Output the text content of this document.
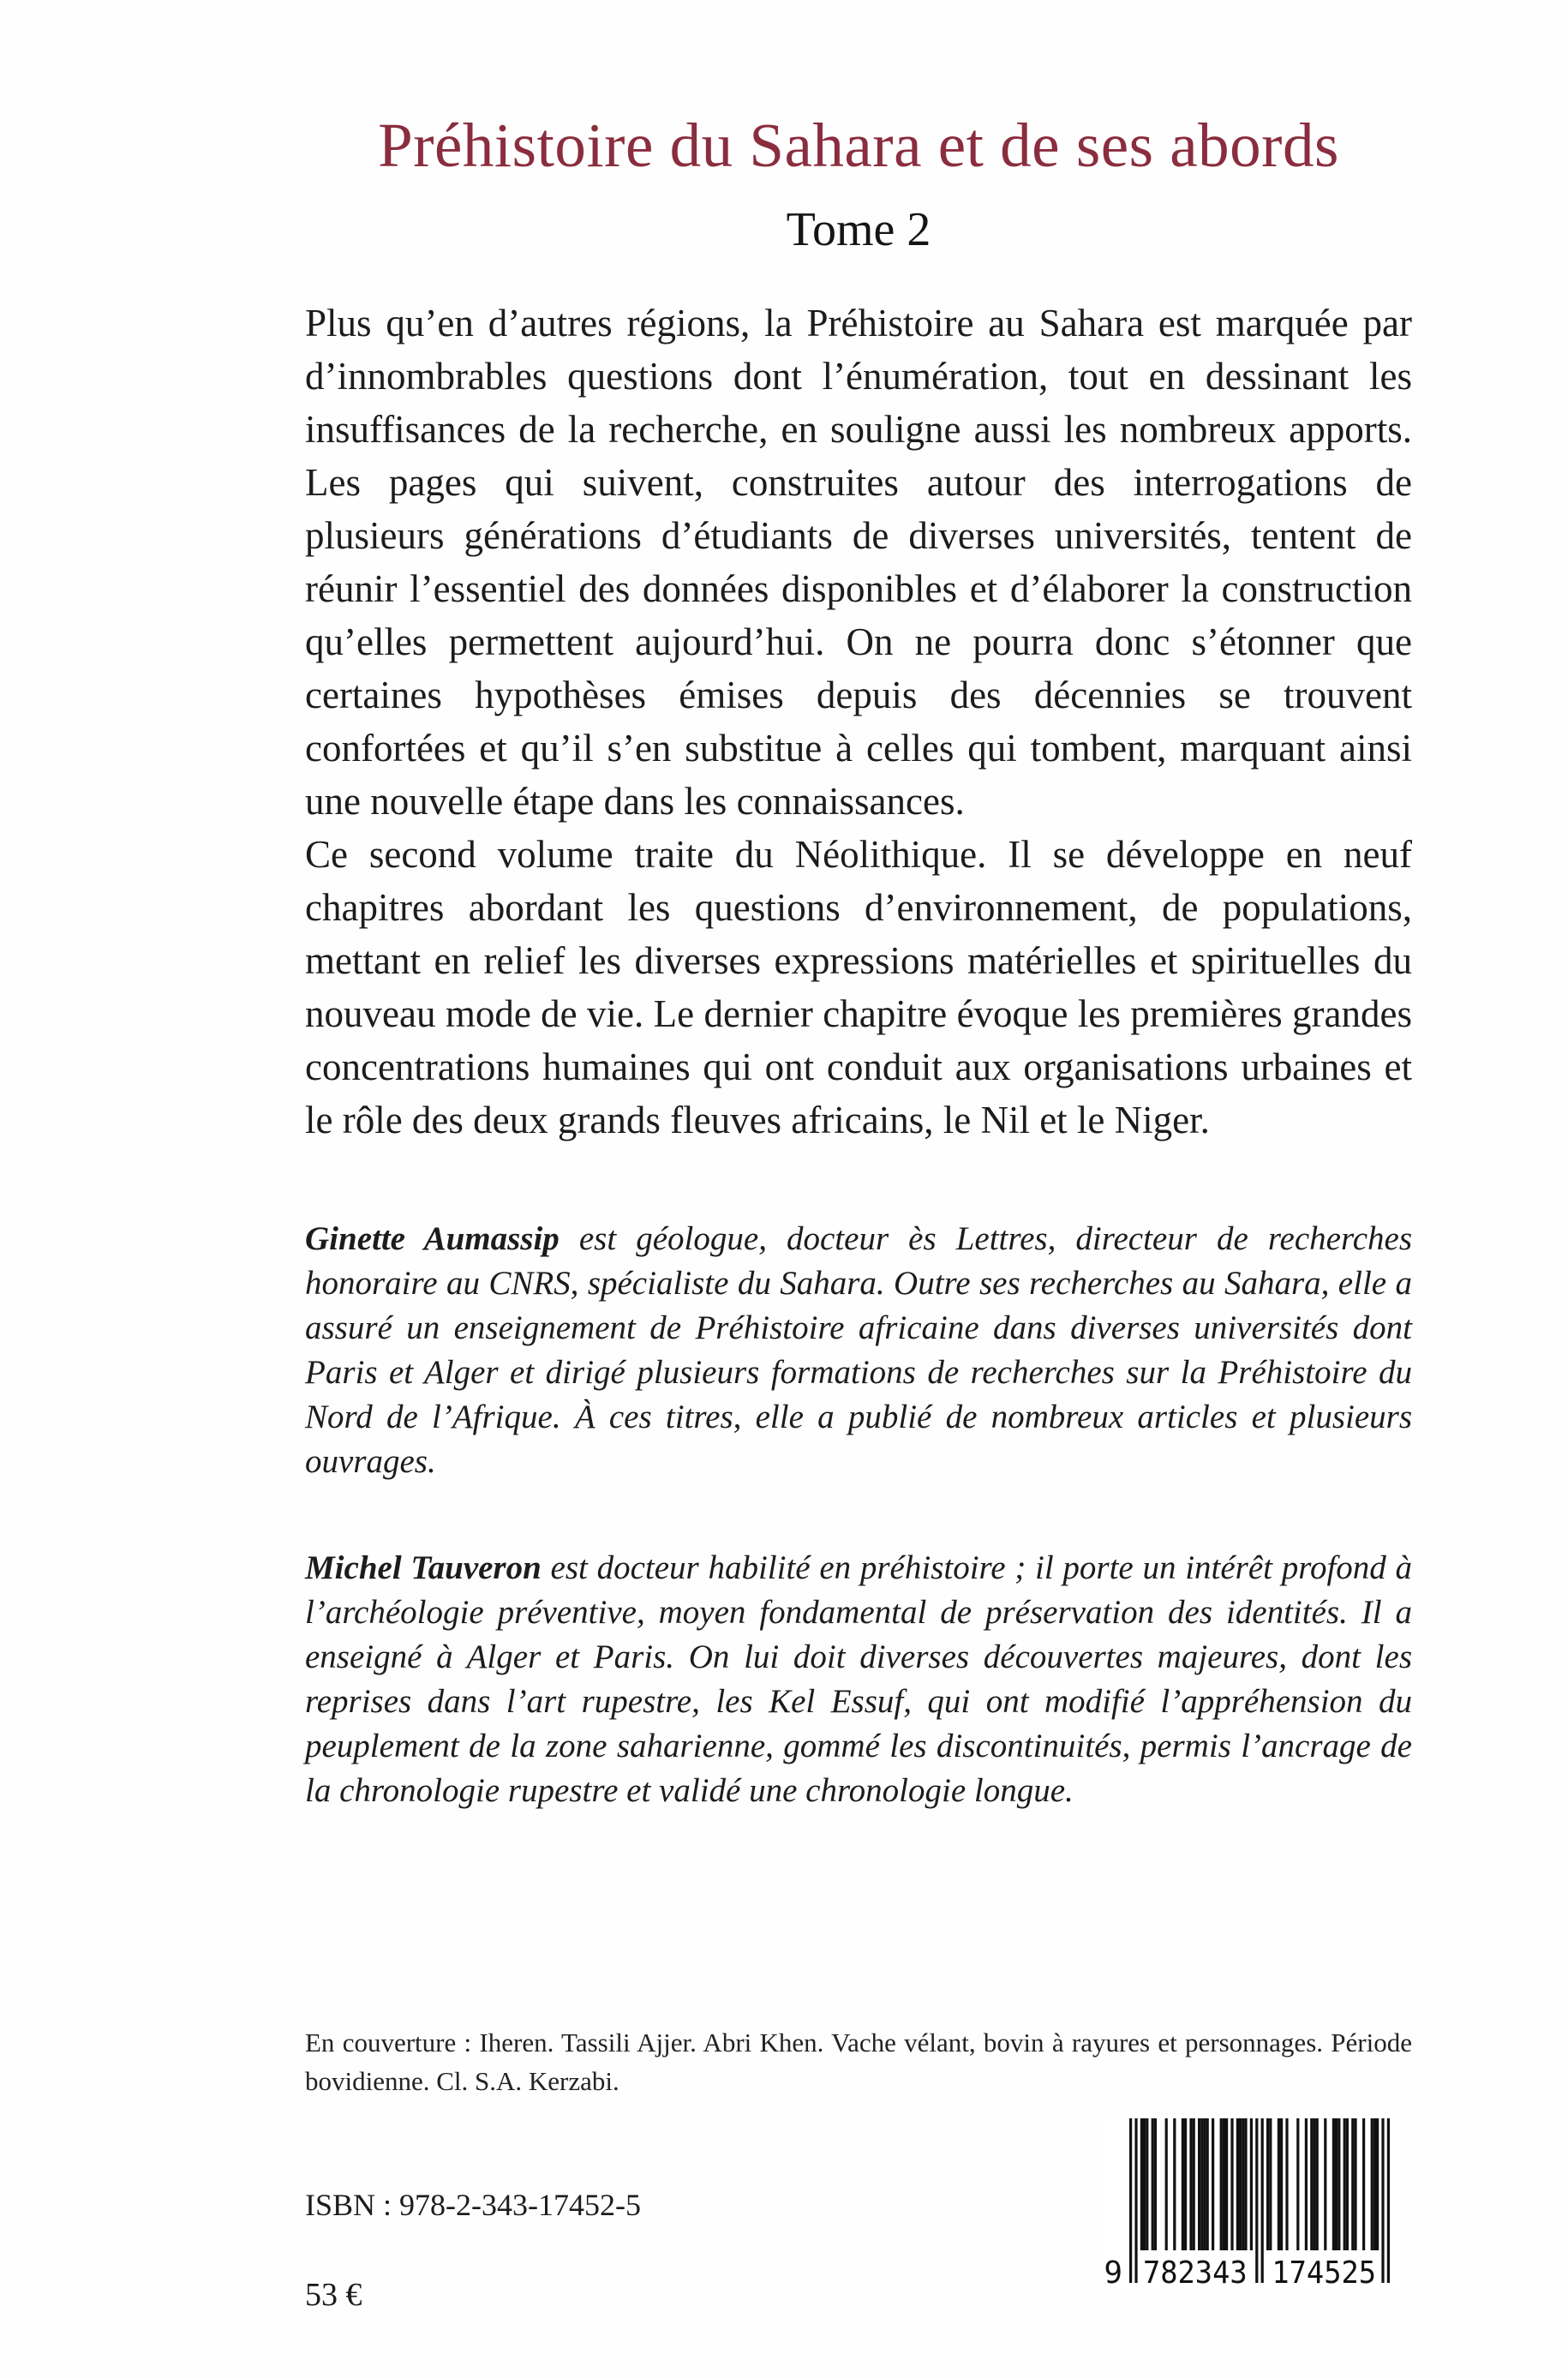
Préhistoire du Sahara et de ses abords
Tome 2

Plus qu’en d’autres régions, la Préhistoire au Sahara est marquée par d’innombrables questions dont l’énumération, tout en dessinant les insuffisances de la recherche, en souligne aussi les nombreux apports. Les pages qui suivent, construites autour des interrogations de plusieurs générations d’étudiants de diverses universités, tentent de réunir l’essentiel des données disponibles et d’élaborer la construction qu’elles permettent aujourd’hui. On ne pourra donc s’étonner que certaines hypothèses émises depuis des décennies se trouvent confortées et qu’il s’en substitue à celles qui tombent, marquant ainsi une nouvelle étape dans les connaissances.

Ce second volume traite du Néolithique. Il se développe en neuf chapitres abordant les questions d’environnement, de populations, mettant en relief les diverses expressions matérielles et spirituelles du nouveau mode de vie. Le dernier chapitre évoque les premières grandes concentrations humaines qui ont conduit aux organisations urbaines et le rôle des deux grands fleuves africains, le Nil et le Niger.

Ginette Aumassip est géologue, docteur ès Lettres, directeur de recherches honoraire au CNRS, spécialiste du Sahara. Outre ses recherches au Sahara, elle a assuré un enseignement de Préhistoire africaine dans diverses universités dont Paris et Alger et dirigé plusieurs formations de recherches sur la Préhistoire du Nord de l’Afrique. À ces titres, elle a publié de nombreux articles et plusieurs ouvrages.

Michel Tauveron est docteur habilité en préhistoire ; il porte un intérêt profond à l’archéologie préventive, moyen fondamental de préservation des identités. Il a enseigné à Alger et Paris. On lui doit diverses découvertes majeures, dont les reprises dans l’art rupestre, les Kel Essuf, qui ont modifié l’appréhension du peuplement de la zone saharienne, gommé les discontinuités, permis l’ancrage de la chronologie rupestre et validé une chronologie longue.

En couverture : Iheren. Tassili Ajjer. Abri Khen. Vache vélant, bovin à rayures et personnages. Période bovidienne. Cl. S.A. Kerzabi.

ISBN : 978-2-343-17452-5
53 €
9 782343 174525
